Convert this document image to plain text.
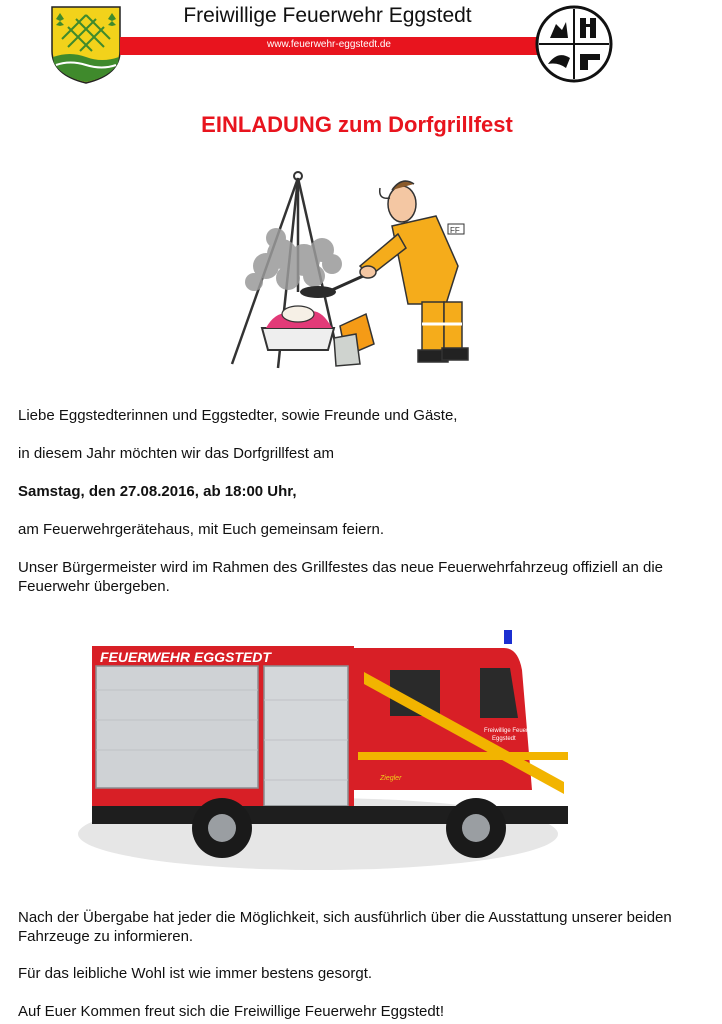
Freiwillige Feuerwehr Eggstedt
www.feuerwehr-eggstedt.de
EINLADUNG zum Dorfgrillfest
FF
Liebe Eggstedterinnen und Eggstedter, sowie Freunde und Gäste,
in diesem Jahr möchten wir das Dorfgrillfest am
Samstag, den 27.08.2016, ab 18:00 Uhr,
am Feuerwehrgerätehaus, mit Euch gemeinsam feiern.
Unser Bürgermeister wird im Rahmen des Grillfestes das neue Feuerwehrfahrzeug offiziell an die Feuerwehr übergeben.
FEUERWEHR EGGSTEDT
Freiwillige Feuerwehr
Eggstedt
Ziegler
Nach der Übergabe hat jeder die Möglichkeit, sich ausführlich über die Ausstattung unserer beiden Fahrzeuge zu informieren.
Für das leibliche Wohl ist wie immer bestens gesorgt.
Auf Euer Kommen freut sich die Freiwillige Feuerwehr Eggstedt!
